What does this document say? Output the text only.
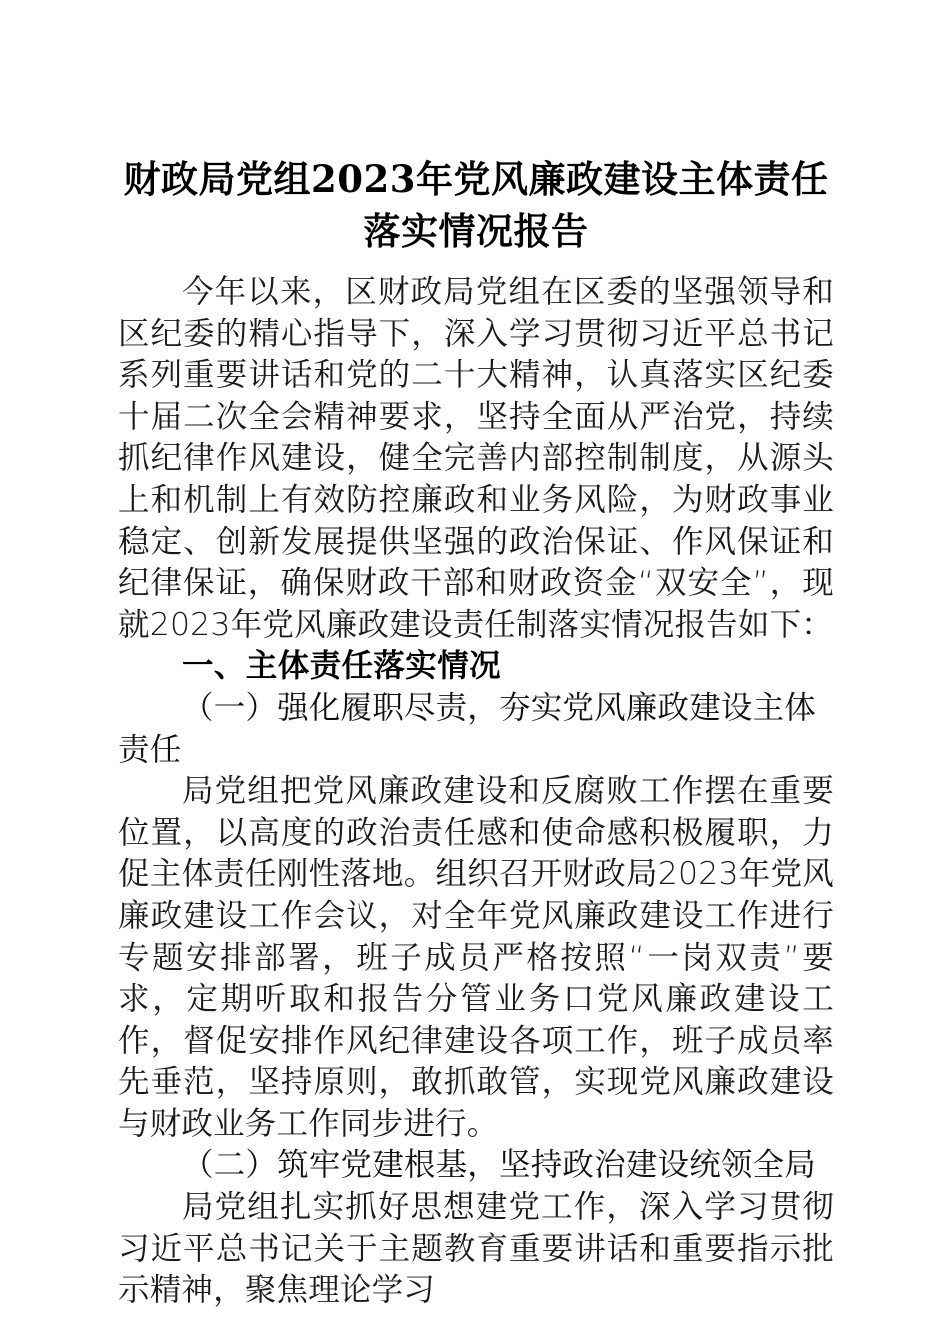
财政局党组2023年党风廉政建设主体责任落实情况报告

今年以来，区财政局党组在区委的坚强领导和区纪委的精心指导下，深入学习贯彻习近平总书记系列重要讲话和党的二十大精神，认真落实区纪委十届二次全会精神要求，坚持全面从严治党，持续抓纪律作风建设，健全完善内部控制制度，从源头上和机制上有效防控廉政和业务风险，为财政事业稳定、创新发展提供坚强的政治保证、作风保证和纪律保证，确保财政干部和财政资金“双安全”，现就2023年党风廉政建设责任制落实情况报告如下：

一、主体责任落实情况

（一）强化履职尽责，夯实党风廉政建设主体责任

局党组把党风廉政建设和反腐败工作摆在重要位置，以高度的政治责任感和使命感积极履职，力促主体责任刚性落地。组织召开财政局2023年党风廉政建设工作会议，对全年党风廉政建设工作进行专题安排部署，班子成员严格按照“一岗双责”要求，定期听取和报告分管业务口党风廉政建设工作，督促安排作风纪律建设各项工作，班子成员率先垂范，坚持原则，敢抓敢管，实现党风廉政建设与财政业务工作同步进行。

（二）筑牢党建根基，坚持政治建设统领全局

局党组扎实抓好思想建党工作，深入学习贯彻习近平总书记关于主题教育重要讲话和重要指示批示精神，聚焦理论学习
